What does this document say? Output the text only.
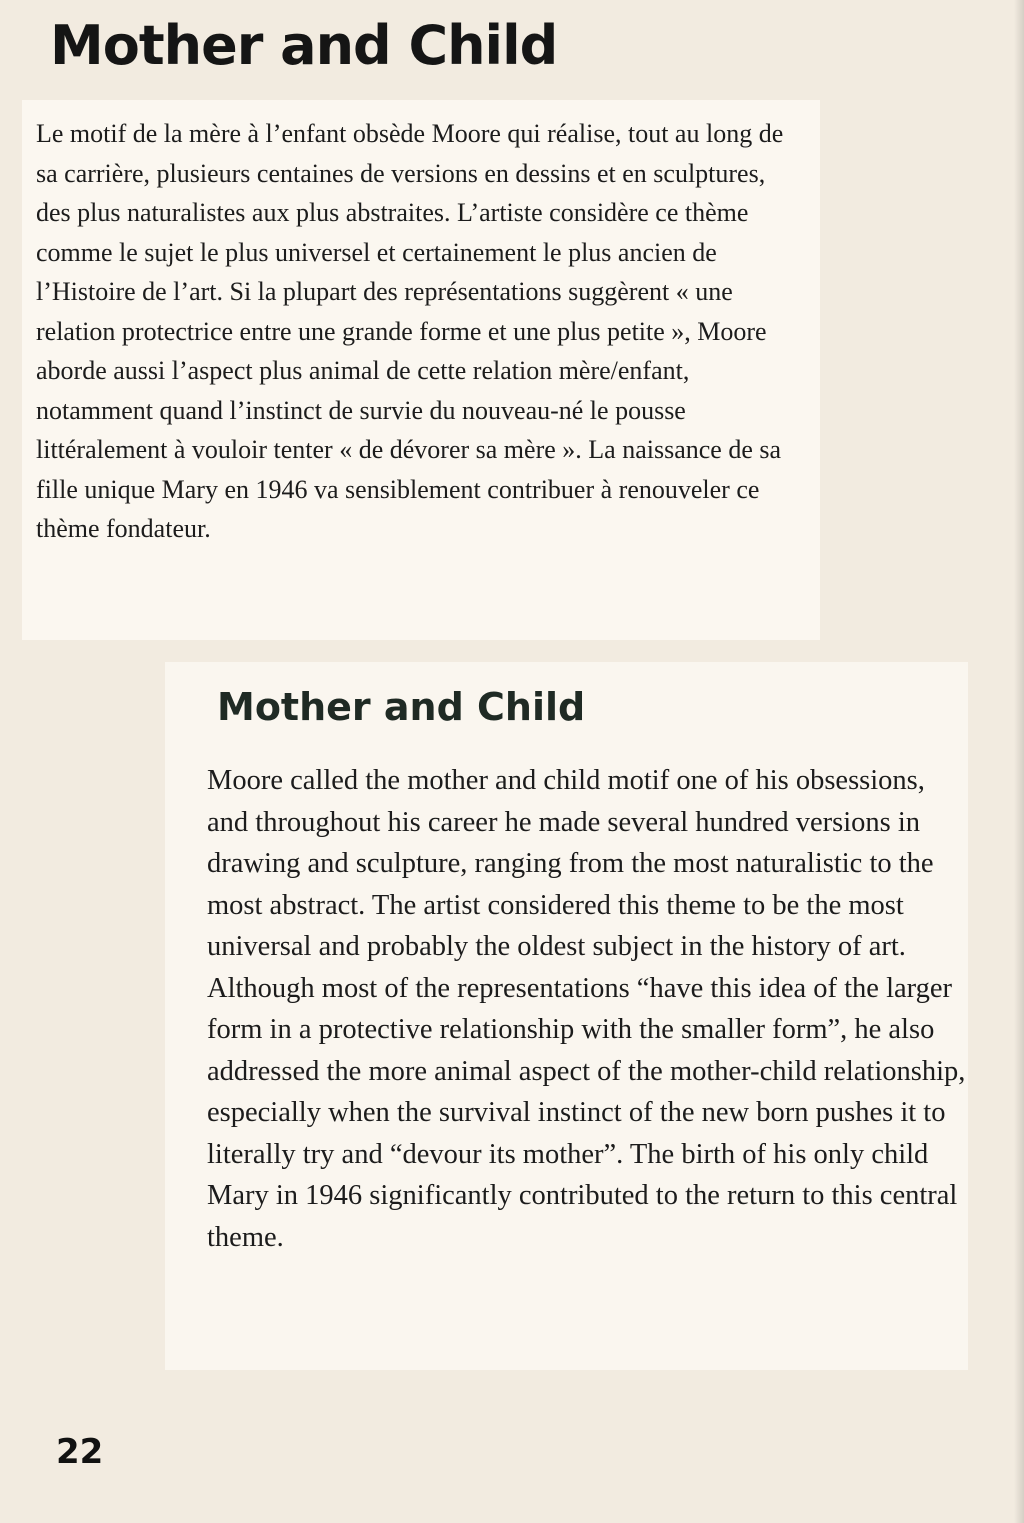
Mother and Child

Le motif de la mère à l’enfant obsède Moore qui réalise, tout au long de sa carrière, plusieurs centaines de versions en dessins et en sculptures, des plus naturalistes aux plus abstraites. L’artiste considère ce thème comme le sujet le plus universel et certainement le plus ancien de l’Histoire de l’art. Si la plupart des représentations suggèrent « une relation protectrice entre une grande forme et une plus petite », Moore aborde aussi l’aspect plus animal de cette relation mère/enfant, notamment quand l’instinct de survie du nouveau-né le pousse littéralement à vouloir tenter « de dévorer sa mère ». La naissance de sa fille unique Mary en 1946 va sensiblement contribuer à renouveler ce thème fondateur.

Mother and Child

Moore called the mother and child motif one of his obsessions, and throughout his career he made several hundred versions in drawing and sculpture, ranging from the most naturalistic to the most abstract. The artist considered this theme to be the most universal and probably the oldest subject in the history of art. Although most of the representations “have this idea of the larger form in a protective relationship with the smaller form”, he also addressed the more animal aspect of the mother-child relationship, especially when the survival instinct of the new born pushes it to literally try and “devour its mother”. The birth of his only child Mary in 1946 significantly contributed to the return to this central theme.

22
